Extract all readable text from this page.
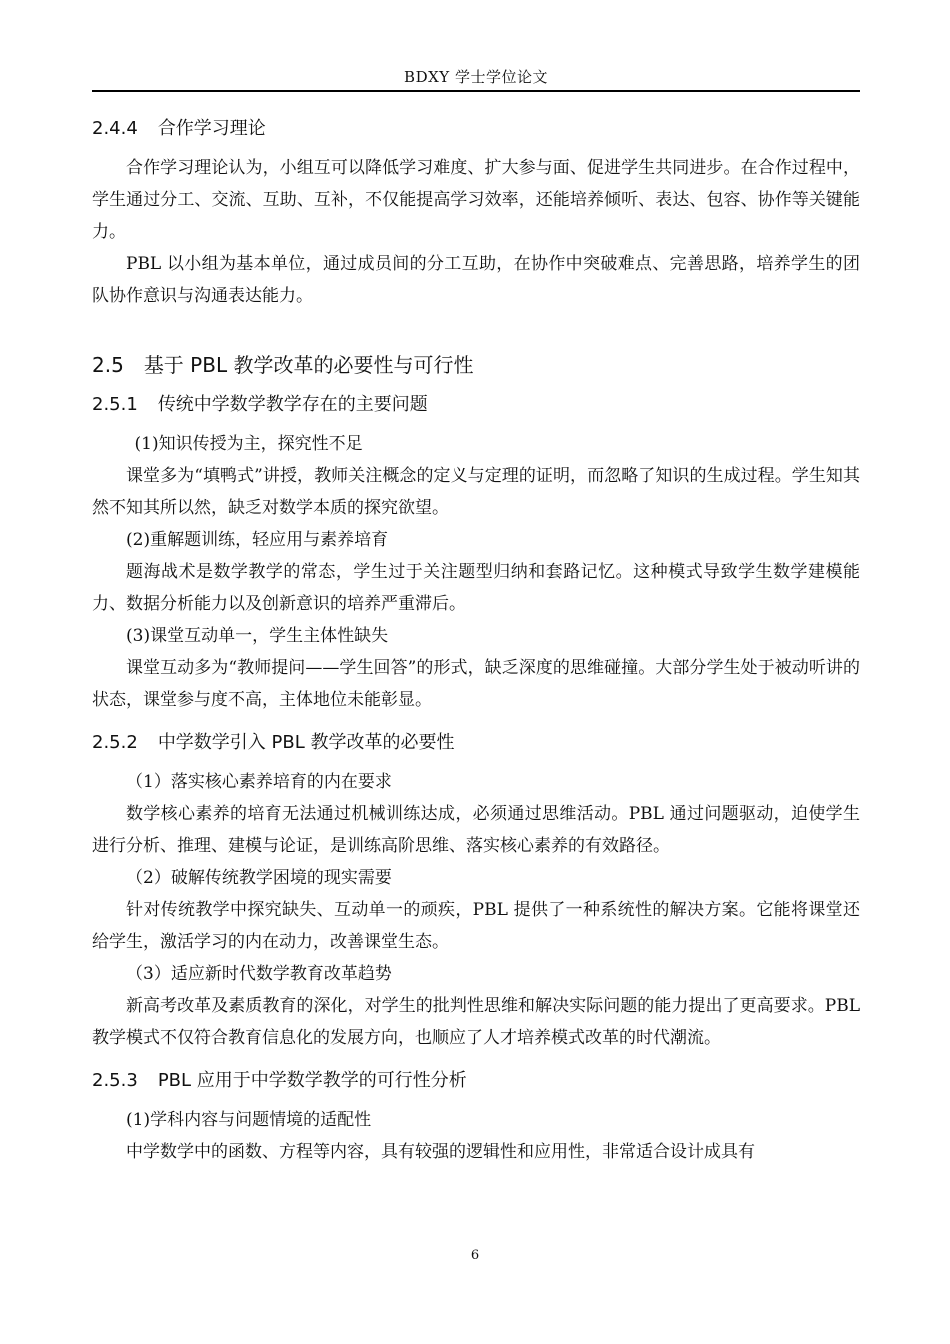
BDXY 学士学位论文
2.4.4 合作学习理论

合作学习理论认为，小组互可以降低学习难度、扩大参与面、促进学生共同进步。在合作过程中，学生通过分工、交流、互助、互补，不仅能提高学习效率，还能培养倾听、表达、包容、协作等关键能力。

PBL 以小组为基本单位，通过成员间的分工互助，在协作中突破难点、完善思路，培养学生的团队协作意识与沟通表达能力。

2.5 基于 PBL 教学改革的必要性与可行性
2.5.1 传统中学数学教学存在的主要问题
(1)知识传授为主，探究性不足

课堂多为“填鸭式”讲授，教师关注概念的定义与定理的证明，而忽略了知识的生成过程。学生知其然不知其所以然，缺乏对数学本质的探究欲望。

(2)重解题训练，轻应用与素养培育

题海战术是数学教学的常态，学生过于关注题型归纳和套路记忆。这种模式导致学生数学建模能力、数据分析能力以及创新意识的培养严重滞后。

(3)课堂互动单一，学生主体性缺失

课堂互动多为“教师提问——学生回答”的形式，缺乏深度的思维碰撞。大部分学生处于被动听讲的状态，课堂参与度不高，主体地位未能彰显。

2.5.2 中学数学引入 PBL 教学改革的必要性
（1）落实核心素养培育的内在要求

数学核心素养的培育无法通过机械训练达成，必须通过思维活动。PBL 通过问题驱动，迫使学生进行分析、推理、建模与论证，是训练高阶思维、落实核心素养的有效路径。

（2）破解传统教学困境的现实需要

针对传统教学中探究缺失、互动单一的顽疾，PBL 提供了一种系统性的解决方案。它能将课堂还给学生，激活学习的内在动力，改善课堂生态。

（3）适应新时代数学教育改革趋势

新高考改革及素质教育的深化，对学生的批判性思维和解决实际问题的能力提出了更高要求。PBL 教学模式不仅符合教育信息化的发展方向，也顺应了人才培养模式改革的时代潮流。

2.5.3 PBL 应用于中学数学教学的可行性分析
(1)学科内容与问题情境的适配性

中学数学中的函数、方程等内容，具有较强的逻辑性和应用性，非常适合设计成具有

6
